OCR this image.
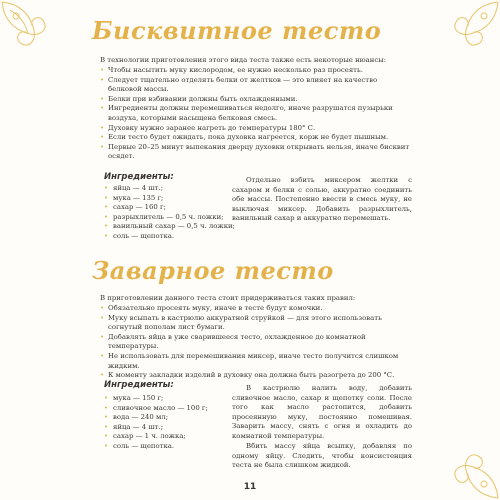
Бисквитное тесто

В технологии приготовления этого вида теста также есть некоторые нюансы:

• Чтобы насытить муку кислородом, ее нужно несколько раз просеять.
• Следует тщательно отделять белки от желтков — это влияет на качество белковой массы.
• Белки при взбивании должны быть охлажденными.
• Ингредиенты должны перемешиваться недолго, иначе разрушатся пузырьки воздуха, которыми насыщена белковая смесь.
• Духовку нужно заранее нагреть до температуры 180° С.
• Если тесто будет ожидать, пока духовка нагреется, корж не будет пышным.
• Первые 20–25 минут выпекания дверцу духовки открывать нельзя, иначе бисквит осядет.
Ингредиенты:
• яйца — 4 шт.;
• мука — 135 г;
• сахар — 160 г;
• разрыхлитель — 0,5 ч. ложки;
• ванильный сахар — 0,5 ч. ложки;
• соль — щепотка.

Отдельно взбить миксером желтки с сахаром и белки с солью, аккуратно соединить обе массы. Постепенно ввести в смесь муку, не выключая миксер. Добавить разрыхлитель, ванильный сахар и аккуратно перемешать.

Заварное тесто

В приготовлении данного теста стоит придерживаться таких правил:

• Обязательно просеять муку, иначе в тесте будут комочки.
• Муку всыпать в кастрюлю аккуратной струйкой — для этого использовать согнутый пополам лист бумаги.
• Добавлять яйца в уже сварившееся тесто, охлажденное до комнатной температуры.
• Не использовать для перемешивания миксер, иначе тесто получится слишком жидким.
• К моменту закладки изделий в духовку она должна быть разогрета до 200 °С.
Ингредиенты:
• мука — 150 г;
• сливочное масло — 100 г;
• вода — 240 мл;
• яйца — 4 шт.;
• сахар — 1 ч. ложка;
• соль — щепотка.

В кастрюлю налить воду, добавить сливочное масло, сахар и щепотку соли. После того как масло растопится, добавить просеянную муку, постоянно помешивая. Заварить массу, снять с огня и охладить до комнатной температуры.

Вбить массу яйца всыпку, добавляя по одному яйцу. Следить, чтобы консистенция теста не была слишком жидкой.

11
